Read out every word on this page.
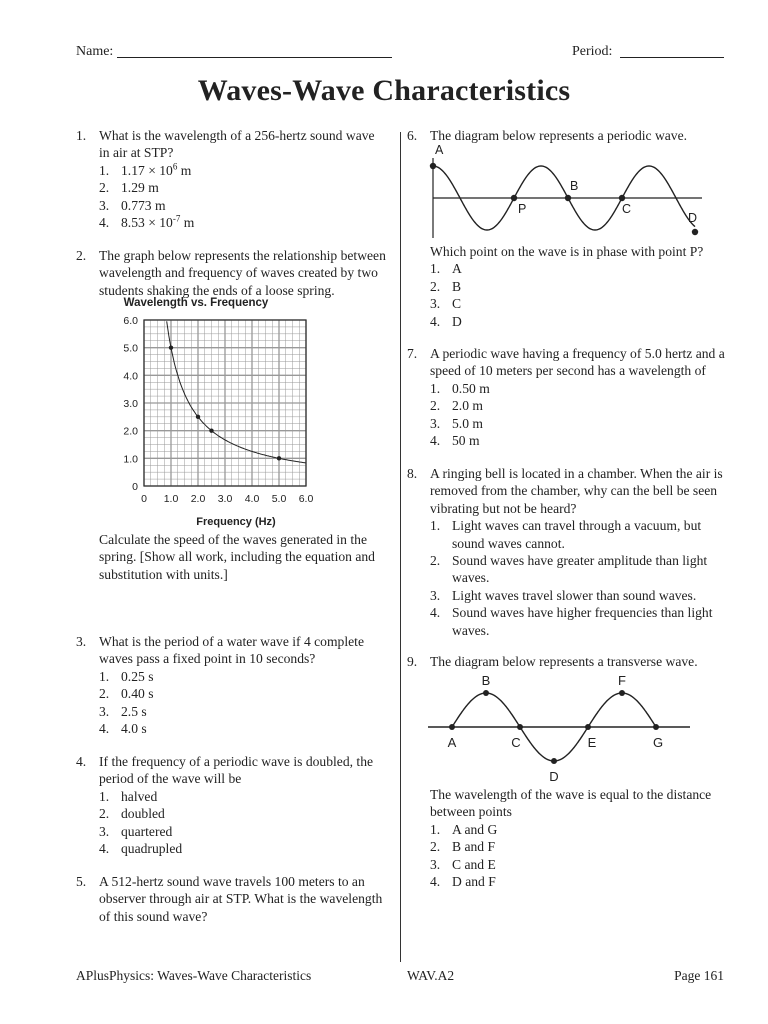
Name:	Period:
Waves-Wave Characteristics
1. What is the wavelength of a 256-hertz sound wave in air at STP?
1. $1.17 \times 10^6$ m
2. 1.29 m
3. 0.773 m
4. $8.53 \times 10^{-7}$ m
2. The graph below represents the relationship between wavelength and frequency of waves created by two students shaking the ends of a loose spring.
Wavelength vs. Frequency
0 1.0 2.0 3.0 4.0 5.0 6.0
0
1.0
2.0
3.0
4.0
5.0
6.0
Frequency (Hz)
Calculate the speed of the waves generated in the spring. [Show all work, including the equation and substitution with units.]
3. What is the period of a water wave if 4 complete waves pass a fixed point in 10 seconds?
1. 0.25 s
2. 0.40 s
3. 2.5 s
4. 4.0 s
4. If the frequency of a periodic wave is doubled, the period of the wave will be
1. halved
2. doubled
3. quartered
4. quadrupled
5. A 512-hertz sound wave travels 100 meters to an observer through air at STP. What is the wavelength of this sound wave?
6. The diagram below represents a periodic wave.
A
B
P	C
D
Which point on the wave is in phase with point P?
1. A
2. B
3. C
4. D
7. A periodic wave having a frequency of 5.0 hertz and a speed of 10 meters per second has a wavelength of
1. 0.50 m
2. 2.0 m
3. 5.0 m
4. 50 m
8. A ringing bell is located in a chamber. When the air is removed from the chamber, why can the bell be seen vibrating but not be heard?
1. Light waves can travel through a vacuum, but sound waves cannot.
2. Sound waves have greater amplitude than light waves.
3. Light waves travel slower than sound waves.
4. Sound waves have higher frequencies than light waves.
9. The diagram below represents a transverse wave.
B	F
A	C	E	G
D
The wavelength of the wave is equal to the distance between points
1. A and G
2. B and F
3. C and E
4. D and F
APlusPhysics: Waves-Wave Characteristics	WAV.A2	Page 161
